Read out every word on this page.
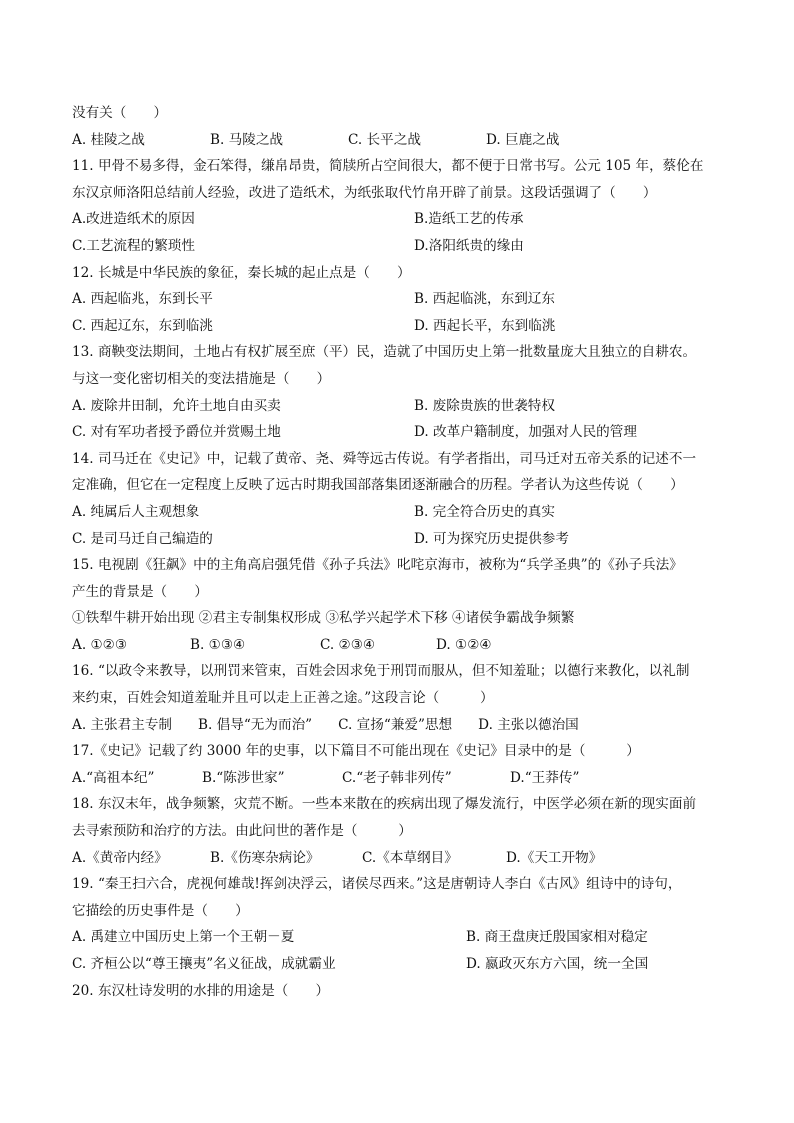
没有关（　　）
A. 桂陵之战	B. 马陵之战	C. 长平之战	D. 巨鹿之战
11. 甲骨不易多得，金石笨得，缣帛昂贵，简牍所占空间很大，都不便于日常书写。公元 105 年，蔡伦在
东汉京师洛阳总结前人经验，改进了造纸术，为纸张取代竹帛开辟了前景。这段话强调了（　　）
A.改进造纸术的原因	B.造纸工艺的传承
C.工艺流程的繁琐性	D.洛阳纸贵的缘由
12. 长城是中华民族的象征，秦长城的起止点是（　　）
A. 西起临兆，东到长平	B. 西起临洮，东到辽东
C. 西起辽东，东到临洮	D. 西起长平，东到临洮
13. 商鞅变法期间，土地占有权扩展至庶（平）民，造就了中国历史上第一批数量庞大且独立的自耕农。
与这一变化密切相关的变法措施是（　　）
A. 废除井田制，允许土地自由买卖	B. 废除贵族的世袭特权
C. 对有军功者授予爵位并赏赐土地	D. 改革户籍制度，加强对人民的管理
14. 司马迁在《史记》中，记载了黄帝、尧、舜等远古传说。有学者指出，司马迁对五帝关系的记述不一
定准确，但它在一定程度上反映了远古时期我国部落集团逐渐融合的历程。学者认为这些传说（　　）
A. 纯属后人主观想象	B. 完全符合历史的真实
C. 是司马迁自己编造的	D. 可为探究历史提供参考
15. 电视剧《狂飙》中的主角高启强凭借《孙子兵法》叱咤京海市，被称为“兵学圣典”的《孙子兵法》
产生的背景是（　　）
①铁犁牛耕开始出现 ②君主专制集权形成 ③私学兴起学术下移 ④诸侯争霸战争频繁
A. ①②③	B. ①③④	C. ②③④	D. ①②④
16. “以政令来教导，以刑罚来管束，百姓会因求免于刑罚而服从，但不知羞耻；以德行来教化，以礼制
来约束，百姓会知道羞耻并且可以走上正善之途。”这段言论（　　　）
A. 主张君主专制 B. 倡导“无为而治” C. 宣扬“兼爱”思想 D. 主张以德治国
17.《史记》记载了约 3000 年的史事，以下篇目不可能出现在《史记》目录中的是（　　　）
A.“高祖本纪”	B.“陈涉世家”	C.“老子韩非列传”	D.“王莽传”
18. 东汉末年，战争频繁，灾荒不断。一些本来散在的疾病出现了爆发流行，中医学必须在新的现实面前
去寻索预防和治疗的方法。由此问世的著作是（　　　）
A.《黄帝内经》	B.《伤寒杂病论》	C.《本草纲目》	D.《天工开物》
19. “秦王扫六合，虎视何雄哉!挥剑决浮云，诸侯尽西来。”这是唐朝诗人李白《古风》组诗中的诗句，
它描绘的历史事件是（　　）
A. 禹建立中国历史上第一个王朝－夏	B. 商王盘庚迁殷国家相对稳定
C. 齐桓公以“尊王攘夷”名义征战，成就霸业	D. 嬴政灭东方六国，统一全国
20. 东汉杜诗发明的水排的用途是（　　）
